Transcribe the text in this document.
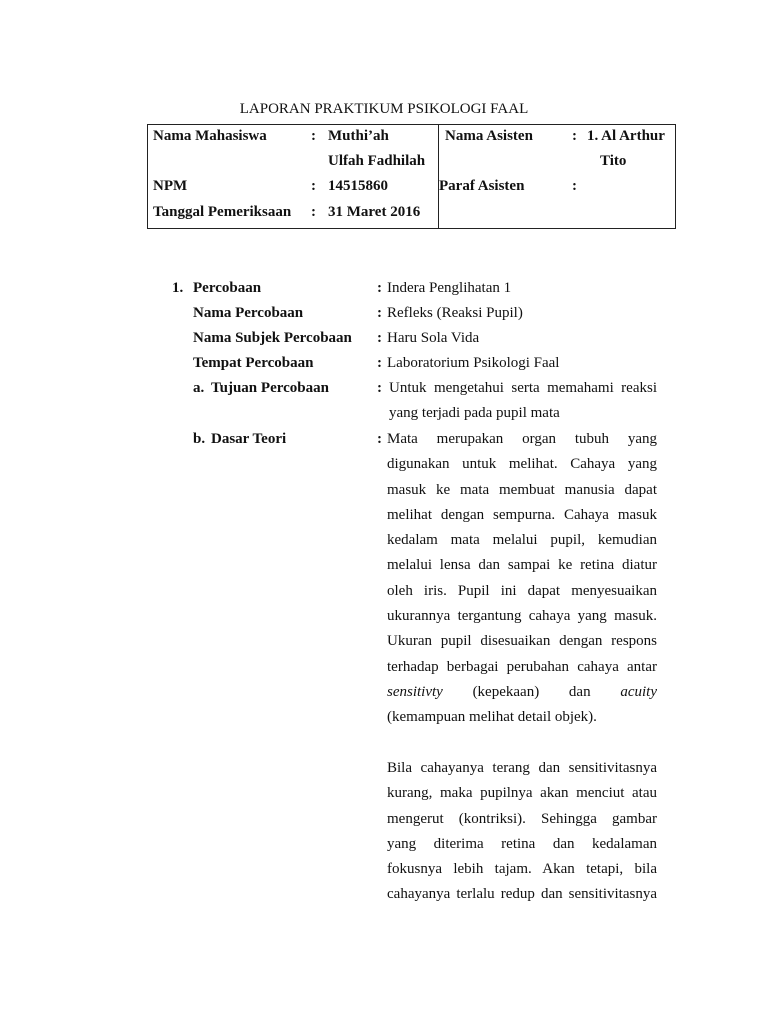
LAPORAN PRAKTIKUM PSIKOLOGI FAAL
Nama Mahasiswa	: Muthi’ah
Ulfah Fadhilah
NPM	: 14515860
Tanggal Pemeriksaan : 31 Maret 2016
Nama Asisten	: 1. Al Arthur
Tito
Paraf Asisten	:
1. Percobaan	: Indera Penglihatan 1
Nama Percobaan	: Refleks (Reaksi Pupil)
Nama Subjek Percobaan : Haru Sola Vida
Tempat Percobaan	: Laboratorium Psikologi Faal
a. Tujuan Percobaan	: Untuk mengetahui serta memahami reaksi
yang terjadi pada pupil mata
b. Dasar Teori	: Mata merupakan organ tubuh yang
digunakan untuk melihat. Cahaya yang
masuk ke mata membuat manusia dapat
melihat dengan sempurna. Cahaya masuk
kedalam mata melalui pupil, kemudian
melalui lensa dan sampai ke retina diatur
oleh iris. Pupil ini dapat menyesuaikan
ukurannya tergantung cahaya yang masuk.
Ukuran pupil disesuaikan dengan respons
terhadap berbagai perubahan cahaya antar
sensitivty (kepekaan) dan acuity
(kemampuan melihat detail objek).
Bila cahayanya terang dan sensitivitasnya
kurang, maka pupilnya akan menciut atau
mengerut (kontriksi). Sehingga gambar
yang diterima retina dan kedalaman
fokusnya lebih tajam. Akan tetapi, bila
cahayanya terlalu redup dan sensitivitasnya
